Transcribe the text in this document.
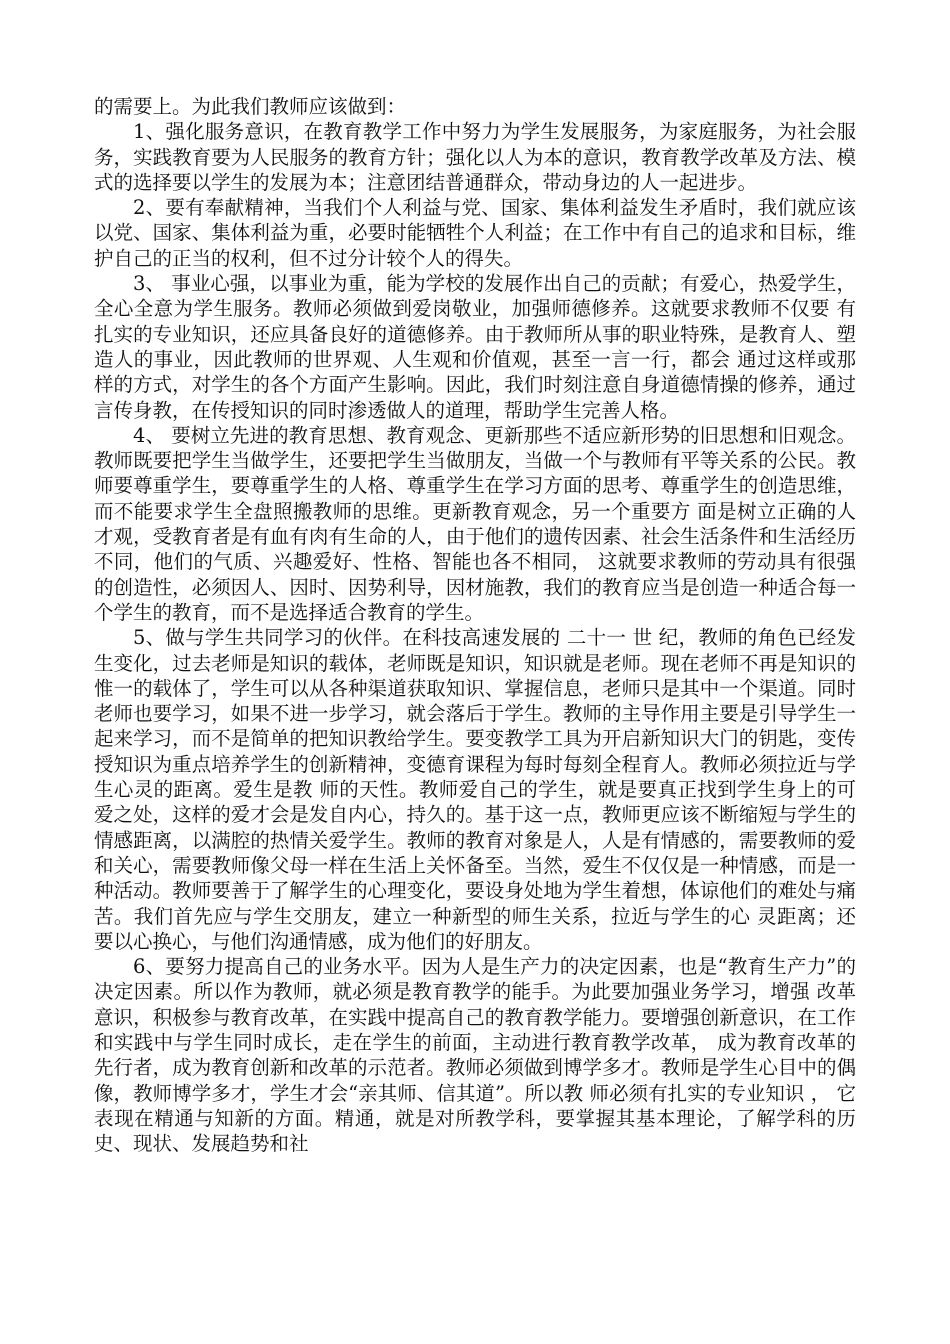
的需要上。为此我们教师应该做到：

1、强化服务意识，在教育教学工作中努力为学生发展服务，为家庭服务，为社会服务，实践教育要为人民服务的教育方针；强化以人为本的意识，教育教学改革及方法、模式的选择要以学生的发展为本；注意团结普通群众，带动身边的人一起进步。

2、要有奉献精神，当我们个人利益与党、国家、集体利益发生矛盾时，我们就应该以党、国家、集体利益为重，必要时能牺牲个人利益；在工作中有自己的追求和目标，维护自己的正当的权利，但不过分计较个人的得失。

3、 事业心强，以事业为重，能为学校的发展作出自己的贡献；有爱心，热爱学生，全心全意为学生服务。教师必须做到爱岗敬业，加强师德修养。这就要求教师不仅要 有扎实的专业知识，还应具备良好的道德修养。由于教师所从事的职业特殊，是教育人、塑造人的事业，因此教师的世界观、人生观和价值观，甚至一言一行，都会 通过这样或那样的方式，对学生的各个方面产生影响。因此，我们时刻注意自身道德情操的修养，通过言传身教，在传授知识的同时渗透做人的道理，帮助学生完善人格。

4、 要树立先进的教育思想、教育观念、更新那些不适应新形势的旧思想和旧观念。教师既要把学生当做学生，还要把学生当做朋友，当做一个与教师有平等关系的公民。教师要尊重学生，要尊重学生的人格、尊重学生在学习方面的思考、尊重学生的创造思维，而不能要求学生全盘照搬教师的思维。更新教育观念，另一个重要方 面是树立正确的人才观，受教育者是有血有肉有生命的人，由于他们的遗传因素、社会生活条件和生活经历不同，他们的气质、兴趣爱好、性格、智能也各不相同， 这就要求教师的劳动具有很强的创造性，必须因人、因时、因势利导，因材施教，我们的教育应当是创造一种适合每一个学生的教育，而不是选择适合教育的学生。

5、做与学生共同学习的伙伴。在科技高速发展的 二十一 世 纪，教师的角色已经发生变化，过去老师是知识的载体，老师既是知识，知识就是老师。现在老师不再是知识的惟一的载体了，学生可以从各种渠道获取知识、掌握信息，老师只是其中一个渠道。同时老师也要学习，如果不进一步学习，就会落后于学生。教师的主导作用主要是引导学生一起来学习，而不是简单的把知识教给学生。要变教学工具为开启新知识大门的钥匙，变传授知识为重点培养学生的创新精神，变德育课程为每时每刻全程育人。教师必须拉近与学生心灵的距离。爱生是教 师的天性。教师爱自己的学生，就是要真正找到学生身上的可爱之处，这样的爱才会是发自内心，持久的。基于这一点，教师更应该不断缩短与学生的情感距离，以满腔的热情关爱学生。教师的教育对象是人，人是有情感的，需要教师的爱和关心，需要教师像父母一样在生活上关怀备至。当然，爱生不仅仅是一种情感，而是一 种活动。教师要善于了解学生的心理变化，要设身处地为学生着想，体谅他们的难处与痛苦。我们首先应与学生交朋友，建立一种新型的师生关系，拉近与学生的心 灵距离；还要以心换心，与他们沟通情感，成为他们的好朋友。

6、要努力提高自己的业务水平。因为人是生产力的决定因素，也是“教育生产力”的决定因素。所以作为教师，就必须是教育教学的能手。为此要加强业务学习，增强 改革意识，积极参与教育改革，在实践中提高自己的教育教学能力。要增强创新意识，在工作和实践中与学生同时成长，走在学生的前面，主动进行教育教学改革， 成为教育改革的先行者，成为教育创新和改革的示范者。教师必须做到博学多才。教师是学生心目中的偶像，教师博学多才，学生才会“亲其师、信其道”。所以教 师必须有扎实的专业知识 ， 它表现在精通与知新的方面。精通，就是对所教学科，要掌握其基本理论，了解学科的历史、现状、发展趋势和社
